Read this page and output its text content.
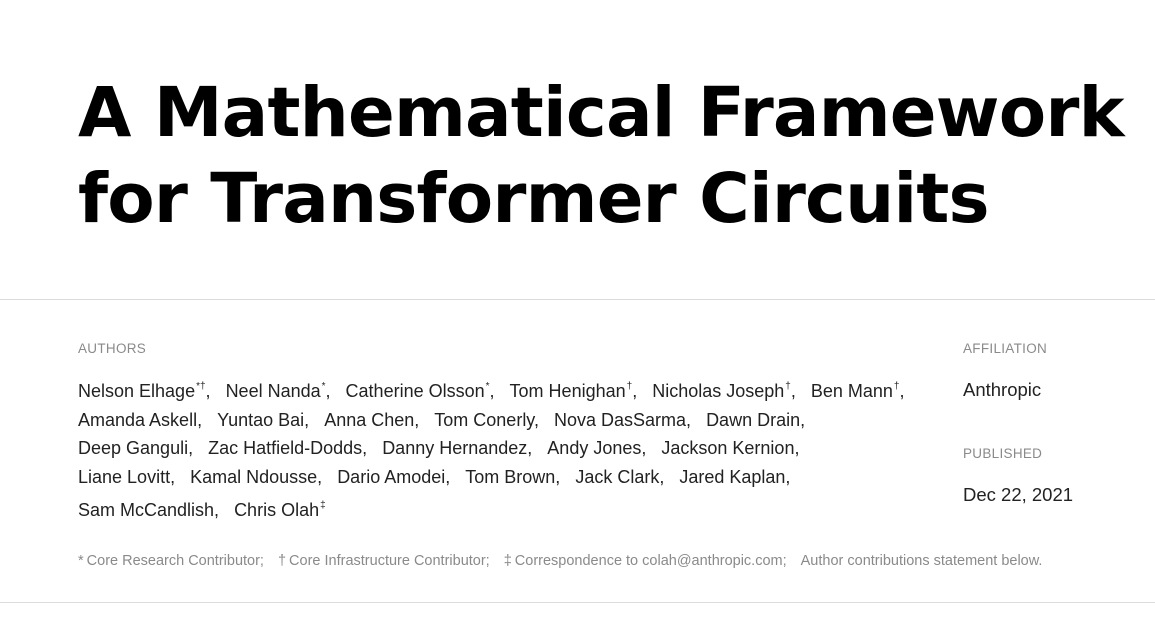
A Mathematical Framework
for Transformer Circuits
AUTHORS
Nelson Elhage*†, Neel Nanda*, Catherine Olsson*, Tom Henighan†, Nicholas Joseph†, Ben Mann†,
Amanda Askell, Yuntao Bai, Anna Chen, Tom Conerly, Nova DasSarma, Dawn Drain,
Deep Ganguli, Zac Hatfield-Dodds, Danny Hernandez, Andy Jones, Jackson Kernion,
Liane Lovitt, Kamal Ndousse, Dario Amodei, Tom Brown, Jack Clark, Jared Kaplan,
Sam McCandlish, Chris Olah‡
AFFILIATION
Anthropic
PUBLISHED
Dec 22, 2021
* Core Research Contributor; † Core Infrastructure Contributor; ‡ Correspondence to colah@anthropic.com; Author contributions statement below.
